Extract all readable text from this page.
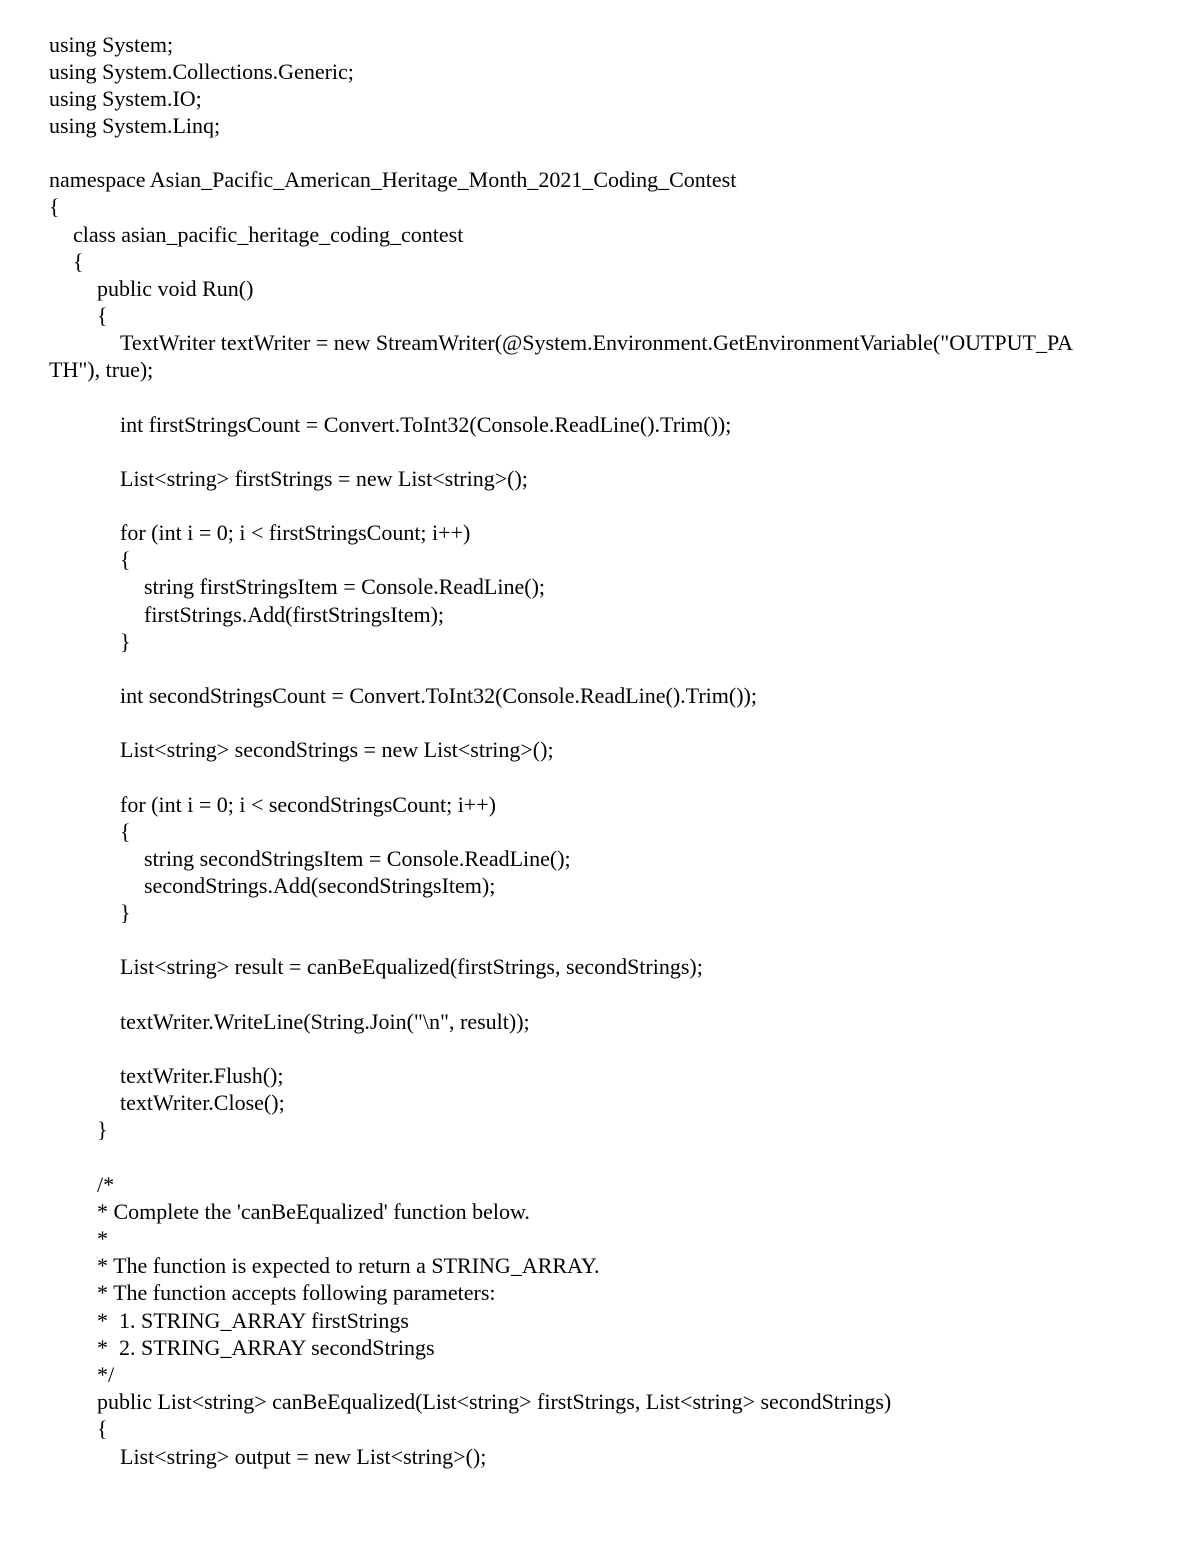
using System;
using System.Collections.Generic;
using System.IO;
using System.Linq;
namespace Asian_Pacific_American_Heritage_Month_2021_Coding_Contest
{
class asian_pacific_heritage_coding_contest
{
public void Run()
{
TextWriter textWriter = new StreamWriter(@System.Environment.GetEnvironmentVariable("OUTPUT_PA
TH"), true);
int firstStringsCount = Convert.ToInt32(Console.ReadLine().Trim());
List<string> firstStrings = new List<string>();
for (int i = 0; i < firstStringsCount; i++)
{
string firstStringsItem = Console.ReadLine();
firstStrings.Add(firstStringsItem);
}
int secondStringsCount = Convert.ToInt32(Console.ReadLine().Trim());
List<string> secondStrings = new List<string>();
for (int i = 0; i < secondStringsCount; i++)
{
string secondStringsItem = Console.ReadLine();
secondStrings.Add(secondStringsItem);
}
List<string> result = canBeEqualized(firstStrings, secondStrings);
textWriter.WriteLine(String.Join("\n", result));
textWriter.Flush();
textWriter.Close();
}
/*
* Complete the 'canBeEqualized' function below.
*
* The function is expected to return a STRING_ARRAY.
* The function accepts following parameters:
*  1. STRING_ARRAY firstStrings
*  2. STRING_ARRAY secondStrings
*/
public List<string> canBeEqualized(List<string> firstStrings, List<string> secondStrings)
{
List<string> output = new List<string>();
